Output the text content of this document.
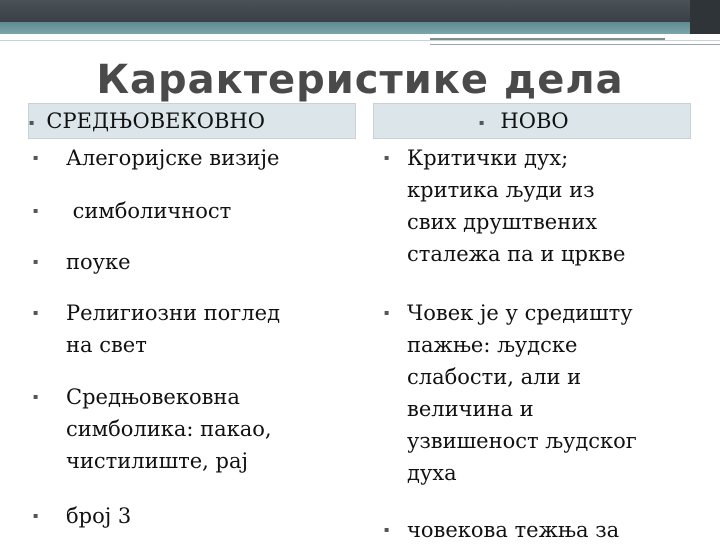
Карактеристике дела
▪ СРЕДЊОВЕКОВНО	▪ НОВО
▪ Алегоријске визије
▪ симболичност
▪ поуке
▪ Религиозни поглед
на свет
▪ Средњовековна
симболика: пакао,
чистилиште, рај
▪ број 3
▪ Критички дух;
критика људи из
свих друштвених
сталежа па и цркве
▪ Човек је у средишту
пажње: људске
слабости, али и
величина и
узвишеност људског
духа
▪ човекова тежња за
